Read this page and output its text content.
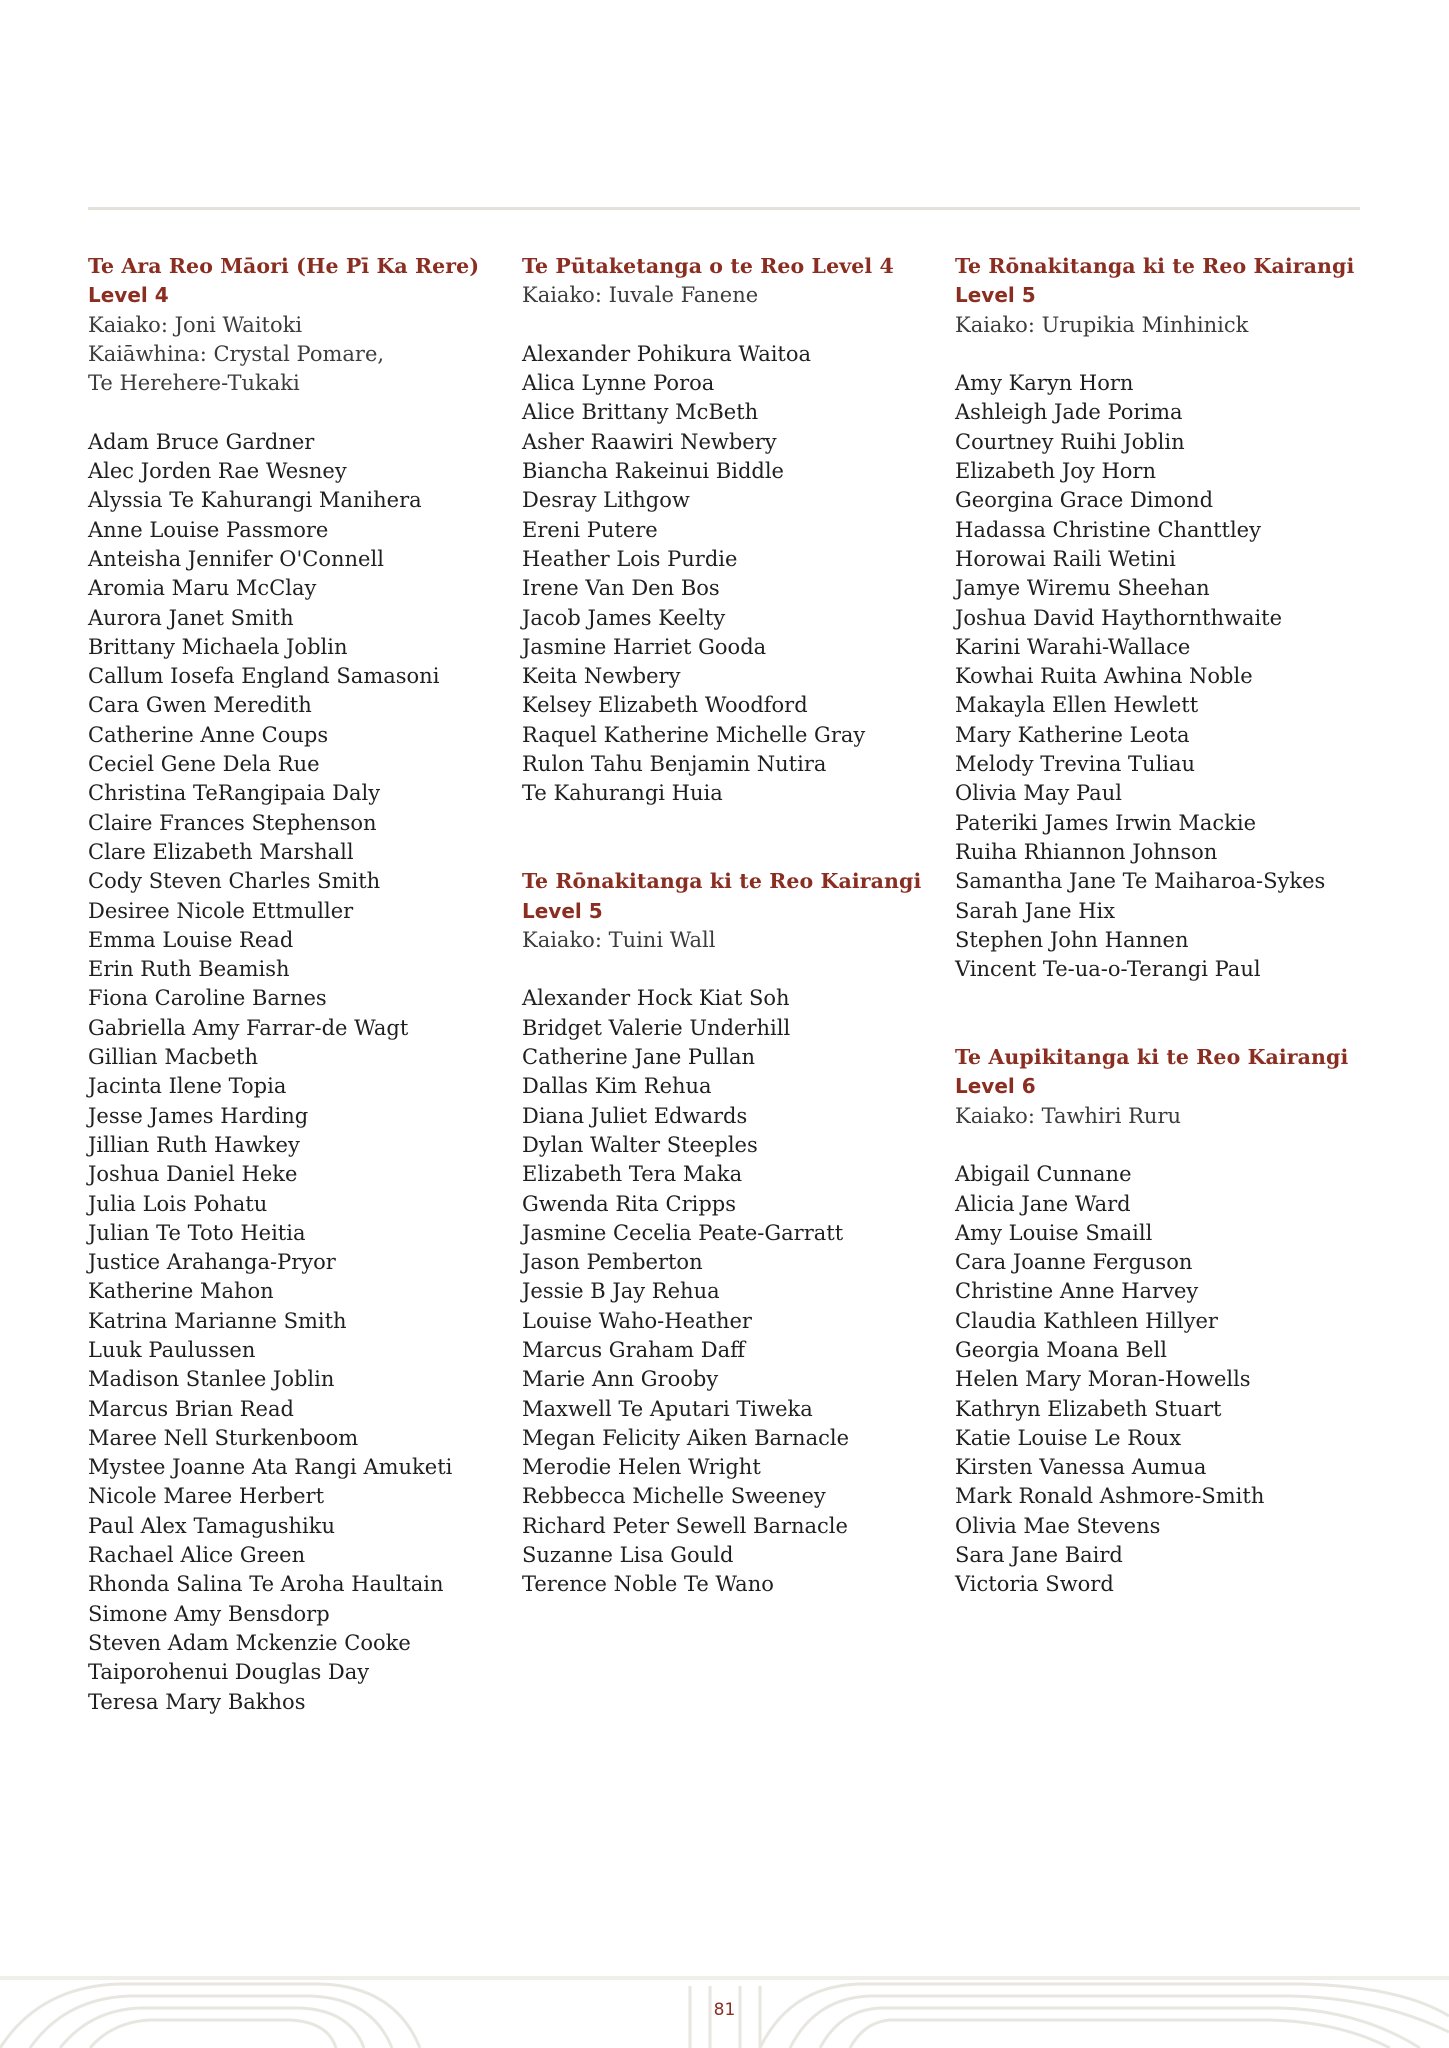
Te Ara Reo Māori (He Pī Ka Rere)
Level 4
Kaiako: Joni Waitoki
Kaiāwhina: Crystal Pomare,
Te Herehere-Tukaki
Adam Bruce Gardner
Alec Jorden Rae Wesney
Alyssia Te Kahurangi Manihera
Anne Louise Passmore
Anteisha Jennifer O'Connell
Aromia Maru McClay
Aurora Janet Smith
Brittany Michaela Joblin
Callum Iosefa England Samasoni
Cara Gwen Meredith
Catherine Anne Coups
Ceciel Gene Dela Rue
Christina TeRangipaia Daly
Claire Frances Stephenson
Clare Elizabeth Marshall
Cody Steven Charles Smith
Desiree Nicole Ettmuller
Emma Louise Read
Erin Ruth Beamish
Fiona Caroline Barnes
Gabriella Amy Farrar-de Wagt
Gillian Macbeth
Jacinta Ilene Topia
Jesse James Harding
Jillian Ruth Hawkey
Joshua Daniel Heke
Julia Lois Pohatu
Julian Te Toto Heitia
Justice Arahanga-Pryor
Katherine Mahon
Katrina Marianne Smith
Luuk Paulussen
Madison Stanlee Joblin
Marcus Brian Read
Maree Nell Sturkenboom
Mystee Joanne Ata Rangi Amuketi
Nicole Maree Herbert
Paul Alex Tamagushiku
Rachael Alice Green
Rhonda Salina Te Aroha Haultain
Simone Amy Bensdorp
Steven Adam Mckenzie Cooke
Taiporohenui Douglas Day
Teresa Mary Bakhos
Te Pūtaketanga o te Reo Level 4
Kaiako: Iuvale Fanene
Alexander Pohikura Waitoa
Alica Lynne Poroa
Alice Brittany McBeth
Asher Raawiri Newbery
Biancha Rakeinui Biddle
Desray Lithgow
Ereni Putere
Heather Lois Purdie
Irene Van Den Bos
Jacob James Keelty
Jasmine Harriet Gooda
Keita Newbery
Kelsey Elizabeth Woodford
Raquel Katherine Michelle Gray
Rulon Tahu Benjamin Nutira
Te Kahurangi Huia
Te Rōnakitanga ki te Reo Kairangi
Level 5
Kaiako: Tuini Wall
Alexander Hock Kiat Soh
Bridget Valerie Underhill
Catherine Jane Pullan
Dallas Kim Rehua
Diana Juliet Edwards
Dylan Walter Steeples
Elizabeth Tera Maka
Gwenda Rita Cripps
Jasmine Cecelia Peate-Garratt
Jason Pemberton
Jessie B Jay Rehua
Louise Waho-Heather
Marcus Graham Daff
Marie Ann Grooby
Maxwell Te Aputari Tiweka
Megan Felicity Aiken Barnacle
Merodie Helen Wright
Rebbecca Michelle Sweeney
Richard Peter Sewell Barnacle
Suzanne Lisa Gould
Terence Noble Te Wano
Te Rōnakitanga ki te Reo Kairangi
Level 5
Kaiako: Urupikia Minhinick
Amy Karyn Horn
Ashleigh Jade Porima
Courtney Ruihi Joblin
Elizabeth Joy Horn
Georgina Grace Dimond
Hadassa Christine Chanttley
Horowai Raili Wetini
Jamye Wiremu Sheehan
Joshua David Haythornthwaite
Karini Warahi-Wallace
Kowhai Ruita Awhina Noble
Makayla Ellen Hewlett
Mary Katherine Leota
Melody Trevina Tuliau
Olivia May Paul
Pateriki James Irwin Mackie
Ruiha Rhiannon Johnson
Samantha Jane Te Maiharoa-Sykes
Sarah Jane Hix
Stephen John Hannen
Vincent Te-ua-o-Terangi Paul
Te Aupikitanga ki te Reo Kairangi
Level 6
Kaiako: Tawhiri Ruru
Abigail Cunnane
Alicia Jane Ward
Amy Louise Smaill
Cara Joanne Ferguson
Christine Anne Harvey
Claudia Kathleen Hillyer
Georgia Moana Bell
Helen Mary Moran-Howells
Kathryn Elizabeth Stuart
Katie Louise Le Roux
Kirsten Vanessa Aumua
Mark Ronald Ashmore-Smith
Olivia Mae Stevens
Sara Jane Baird
Victoria Sword
81
